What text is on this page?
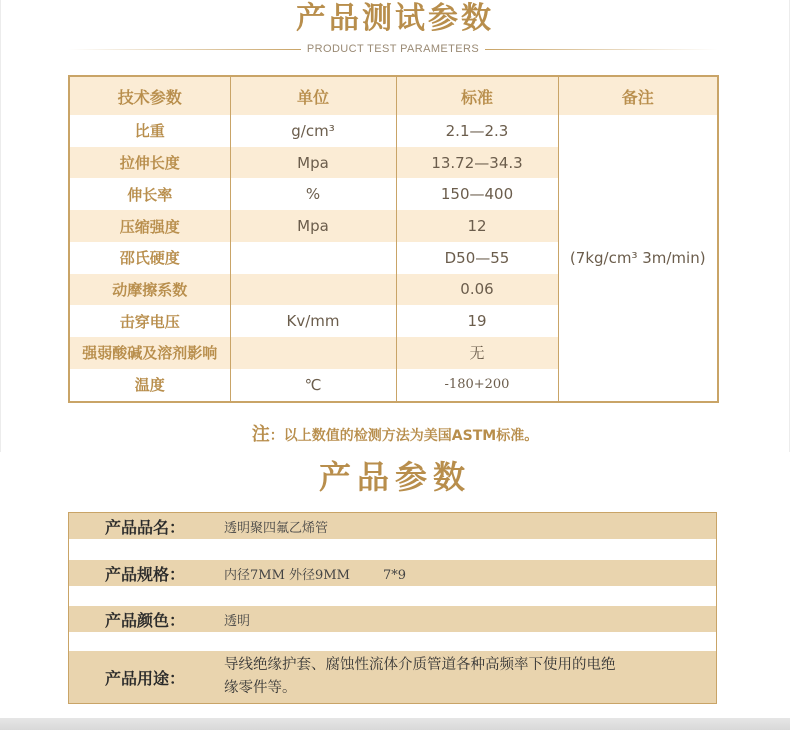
产品测试参数
PRODUCT TEST PARAMETERS
技术参数	单位	标准	备注
比重	g/cm³	2.1—2.3	(7kg/cm³ 3m/min)
拉伸长度	Mpa	13.72—34.3	
伸长率	%	150—400	
压缩强度	Mpa	12	
邵氏硬度		D50—55	
动摩擦系数		0.06	
击穿电压	Kv/mm	19	
强弱酸碱及溶剂影响		无	
温度	℃	-180+200	
注：以上数值的检测方法为美国ASTM标准。
产品参数
产品品名：	透明聚四氟乙烯管
产品规格：	内径7MM 外径9MM        7*9
产品颜色：	透明
产品用途：
导线绝缘护套、腐蚀性流体介质管道各种高频率下使用的电绝
缘零件等。
